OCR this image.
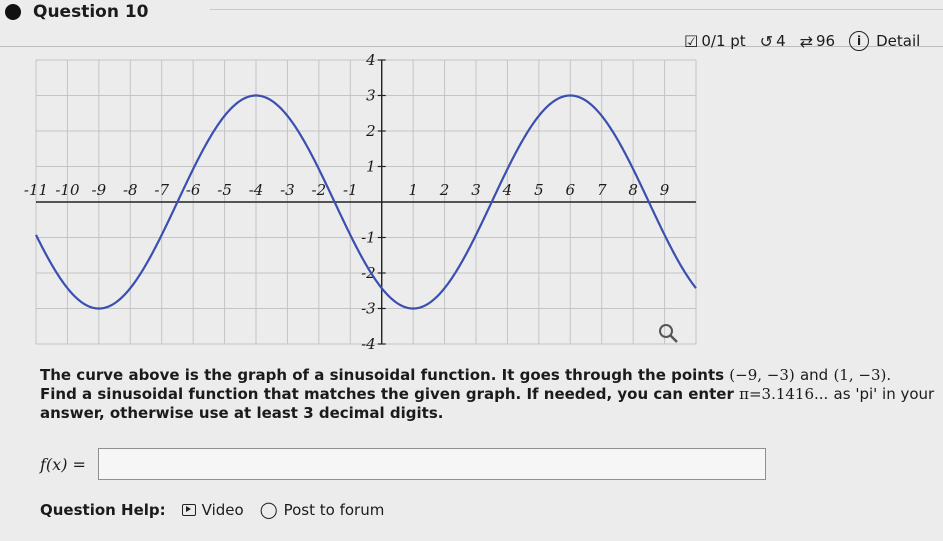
Question 10
☑ 0/1 pt ↺ 4 ⇄ 96	i Detail
-11 -10 -9 -8 -7 -6 -5 -4 -3 -2 -1	1 2 3 4 5 6 7 8 9
-4
-3
-2
-1
1
2
3
4
The curve above is the graph of a sinusoidal function. It goes through the points (−9, −3) and (1, −3).
Find a sinusoidal function that matches the given graph. If needed, you can enter π=3.1416... as 'pi' in your
answer, otherwise use at least 3 decimal digits.
f(x) =
Question Help: Video ◯ Post to forum
